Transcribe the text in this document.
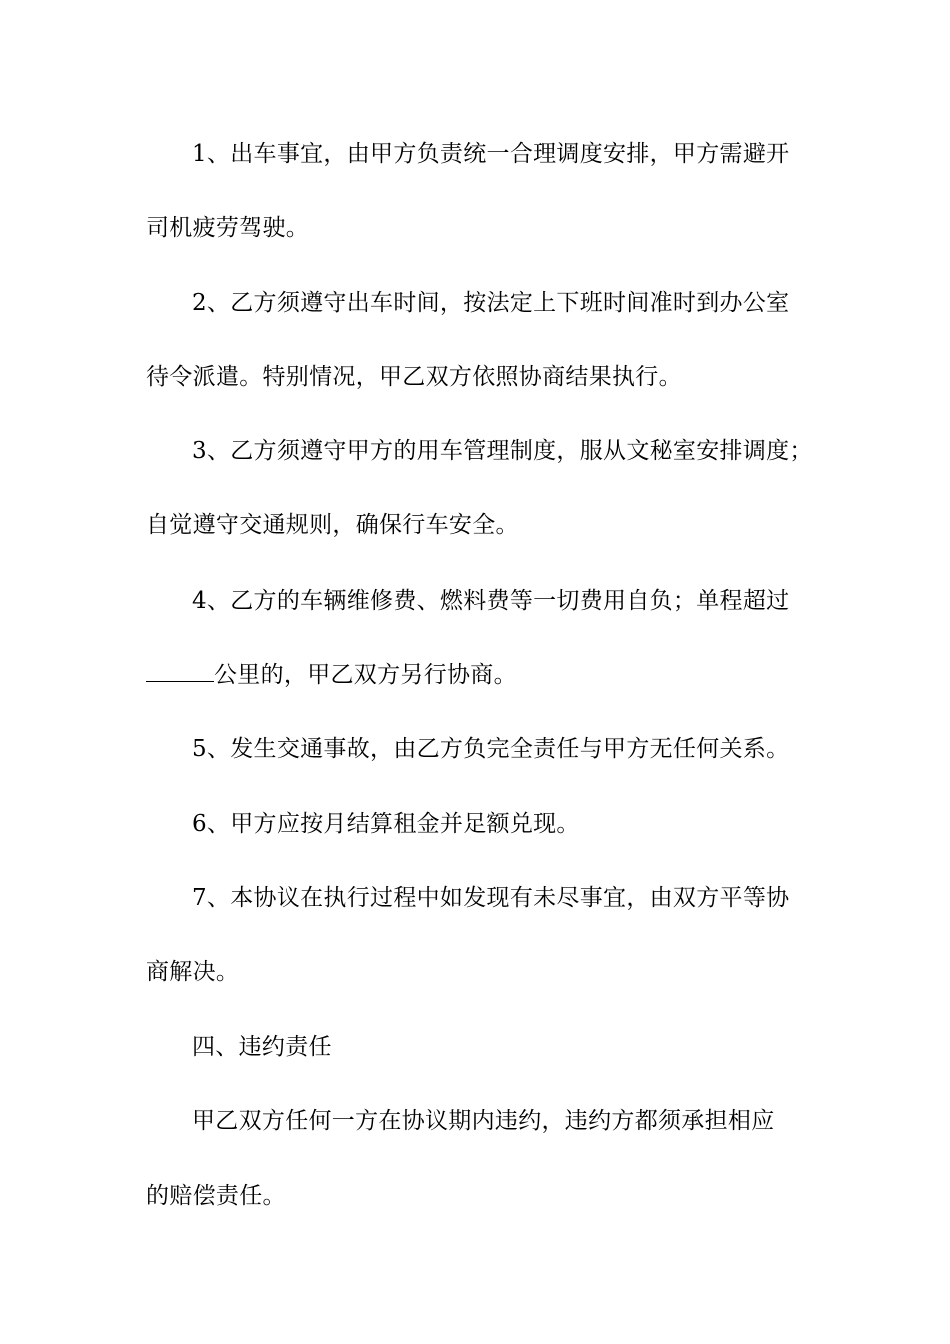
1、出车事宜，由甲方负责统一合理调度安排，甲方需避开
司机疲劳驾驶。
2、乙方须遵守出车时间，按法定上下班时间准时到办公室
待令派遣。特别情况，甲乙双方依照协商结果执行。
3、乙方须遵守甲方的用车管理制度，服从文秘室安排调度；
自觉遵守交通规则，确保行车安全。
4、乙方的车辆维修费、燃料费等一切费用自负；单程超过
公里的，甲乙双方另行协商。
5、发生交通事故，由乙方负完全责任与甲方无任何关系。
6、甲方应按月结算租金并足额兑现。
7、本协议在执行过程中如发现有未尽事宜，由双方平等协
商解决。
四、违约责任
甲乙双方任何一方在协议期内违约，违约方都须承担相应
的赔偿责任。
